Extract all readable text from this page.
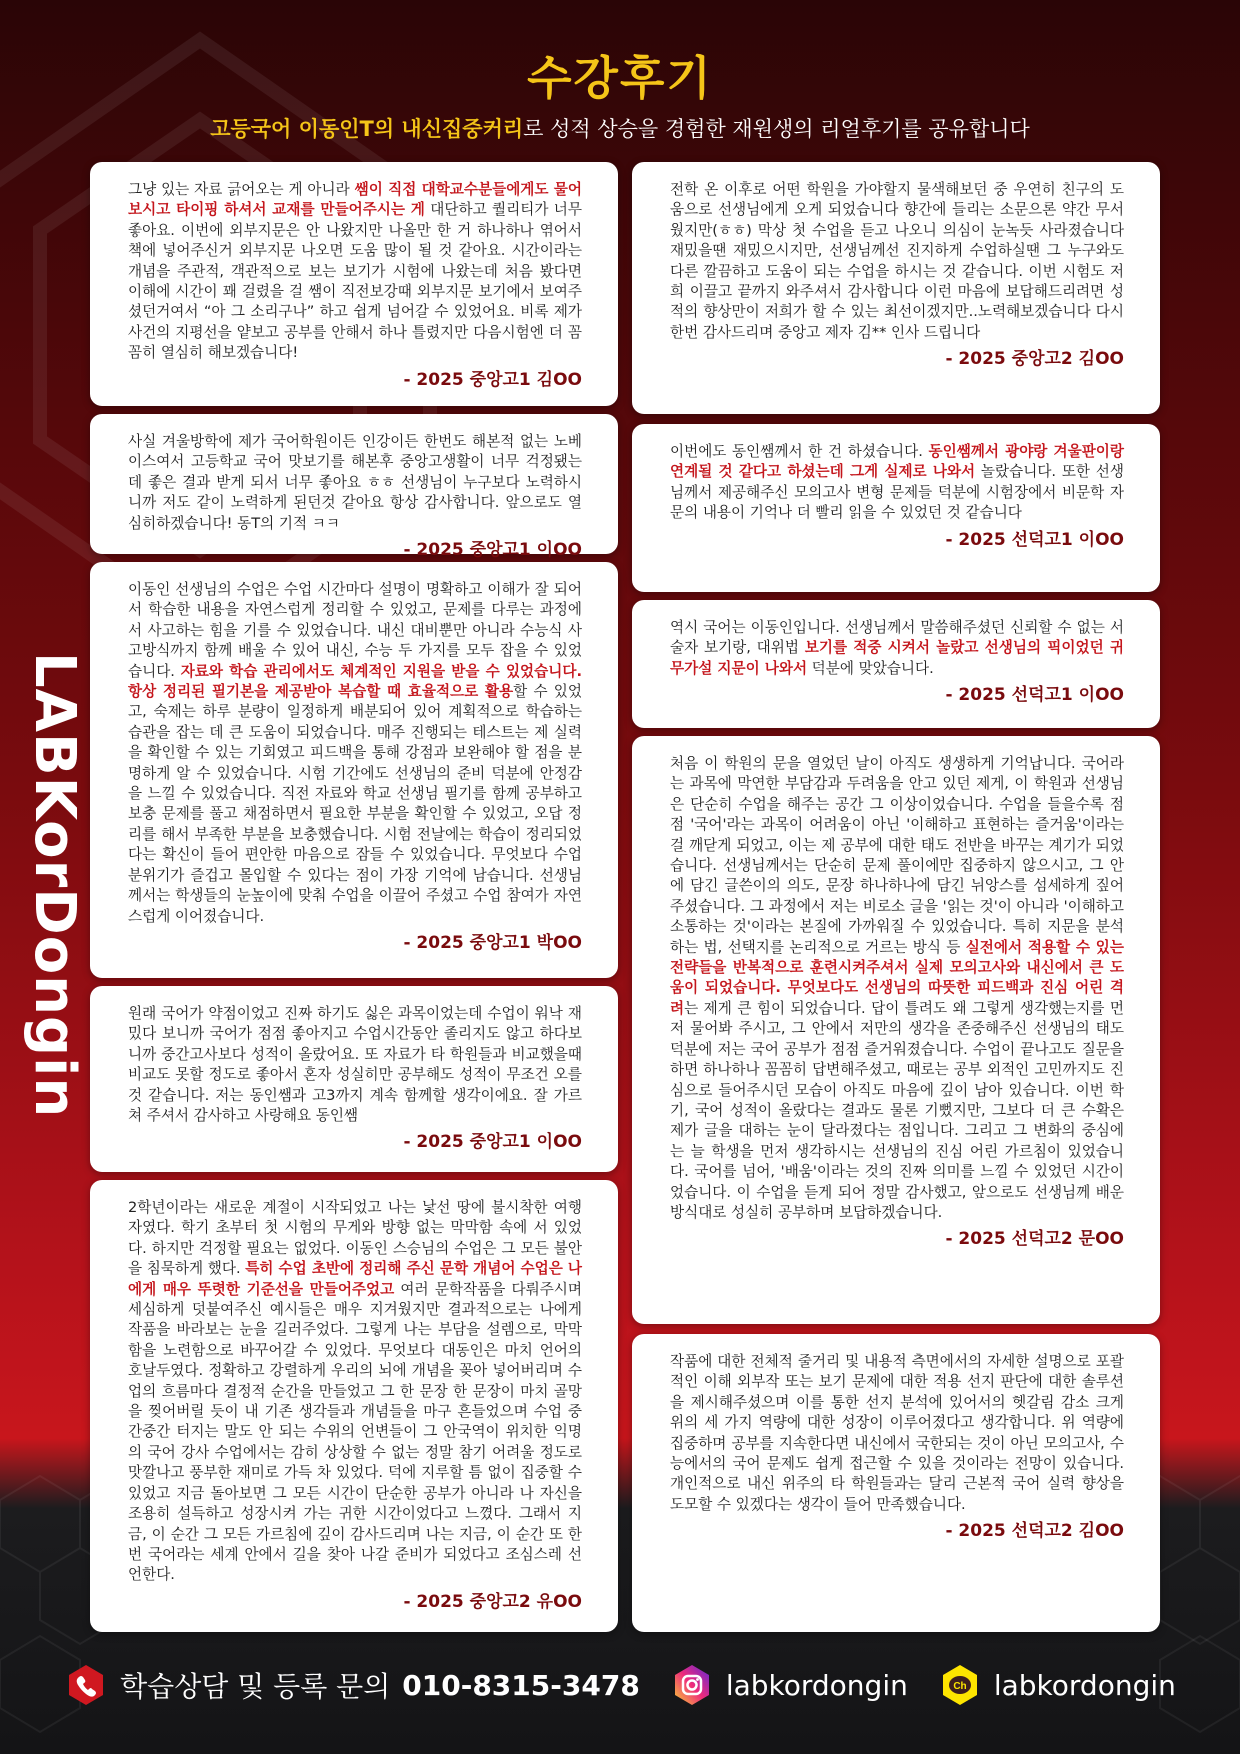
수강후기
고등국어 이동인T의 내신집중커리로 성적 상승을 경험한 재원생의 리얼후기를 공유합니다
LABKorDongin

그냥 있는 자료 긁어오는 게 아니라 쌤이 직접 대학교수분들에게도 물어보시고 타이핑 하셔서 교재를 만들어주시는 게 대단하고 퀄리티가 너무 좋아요. 이번에 외부지문은 안 나왔지만 나올만 한 거 하나하나 엮어서 책에 넣어주신거 외부지문 나오면 도움 많이 될 것 같아요. 시간이라는 개념을 주관적, 객관적으로 보는 보기가 시험에 나왔는데 처음 봤다면 이해에 시간이 꽤 걸렸을 걸 쌤이 직전보강때 외부지문 보기에서 보여주셨던거여서 “아 그 소리구나” 하고 쉽게 넘어갈 수 있었어요. 비록 제가 사건의 지평선을 얕보고 공부를 안해서 하나 틀렸지만 다음시험엔 더 꼼꼼히 열심히 해보겠습니다!

- 2025 중앙고1 김OO

사실 겨울방학에 제가 국어학원이든 인강이든 한번도 해본적 없는 노베이스여서 고등학교 국어 맛보기를 해본후 중앙고생활이 너무 걱정됐는데 좋은 결과 받게 되서 너무 좋아요 ㅎㅎ 선생님이 누구보다 노력하시니까 저도 같이 노력하게 된던것 같아요 항상 감사합니다. 앞으로도 열심히하겠습니다! 동T의 기적 ㅋㅋ

- 2025 중앙고1 이OO

이동인 선생님의 수업은 수업 시간마다 설명이 명확하고 이해가 잘 되어서 학습한 내용을 자연스럽게 정리할 수 있었고, 문제를 다루는 과정에서 사고하는 힘을 기를 수 있었습니다. 내신 대비뿐만 아니라 수능식 사고방식까지 함께 배울 수 있어 내신, 수능 두 가지를 모두 잡을 수 있었습니다. 자료와 학습 관리에서도 체계적인 지원을 받을 수 있었습니다. 항상 정리된 필기본을 제공받아 복습할 때 효율적으로 활용할 수 있었고, 숙제는 하루 분량이 일정하게 배분되어 있어 계획적으로 학습하는 습관을 잡는 데 큰 도움이 되었습니다. 매주 진행되는 테스트는 제 실력을 확인할 수 있는 기회였고 피드백을 통해 강점과 보완해야 할 점을 분명하게 알 수 있었습니다. 시험 기간에도 선생님의 준비 덕분에 안정감을 느낄 수 있었습니다. 직전 자료와 학교 선생님 필기를 함께 공부하고 보충 문제를 풀고 채점하면서 필요한 부분을 확인할 수 있었고, 오답 정리를 해서 부족한 부분을 보충했습니다. 시험 전날에는 학습이 정리되었다는 확신이 들어 편안한 마음으로 잠들 수 있었습니다. 무엇보다 수업 분위기가 즐겁고 몰입할 수 있다는 점이 가장 기억에 남습니다. 선생님께서는 학생들의 눈높이에 맞춰 수업을 이끌어 주셨고 수업 참여가 자연스럽게 이어졌습니다.

- 2025 중앙고1 박OO

원래 국어가 약점이었고 진짜 하기도 싫은 과목이었는데 수업이 워낙 재밌다 보니까 국어가 점점 좋아지고 수업시간동안 졸리지도 않고 하다보니까 중간고사보다 성적이 올랐어요. 또 자료가 타 학원들과 비교했을때 비교도 못할 정도로 좋아서 혼자 성실히만 공부해도 성적이 무조건 오를 것 같습니다. 저는 동인쌤과 고3까지 계속 함께할 생각이에요. 잘 가르쳐 주셔서 감사하고 사랑해요 동인쌤

- 2025 중앙고1 이OO

2학년이라는 새로운 계절이 시작되었고 나는 낯선 땅에 불시착한 여행자였다. 학기 초부터 첫 시험의 무게와 방향 없는 막막함 속에 서 있었다. 하지만 걱정할 필요는 없었다. 이동인 스승님의 수업은 그 모든 불안을 침묵하게 했다. 특히 수업 초반에 정리해 주신 문학 개념어 수업은 나에게 매우 뚜렷한 기준선을 만들어주었고 여러 문학작품을 다뤄주시며 세심하게 덧붙여주신 예시들은 매우 지겨웠지만 결과적으로는 나에게 작품을 바라보는 눈을 길러주었다. 그렇게 나는 부담을 설렘으로, 막막함을 노련함으로 바꾸어갈 수 있었다. 무엇보다 대동인은 마치 언어의 호날두였다. 정확하고 강렬하게 우리의 뇌에 개념을 꽂아 넣어버리며 수업의 흐름마다 결정적 순간을 만들었고 그 한 문장 한 문장이 마치 골망을 찢어버릴 듯이 내 기존 생각들과 개념들을 마구 흔들었으며 수업 중간중간 터지는 말도 안 되는 수위의 언변들이 그 안국역이 위치한 익명의 국어 강사 수업에서는 감히 상상할 수 없는 정말 참기 어려울 정도로 맛깔나고 풍부한 재미로 가득 차 있었다. 덕에 지루할 틈 없이 집중할 수 있었고 지금 돌아보면 그 모든 시간이 단순한 공부가 아니라 나 자신을 조용히 설득하고 성장시켜 가는 귀한 시간이었다고 느꼈다. 그래서 지금, 이 순간 그 모든 가르침에 깊이 감사드리며 나는 지금, 이 순간 또 한 번 국어라는 세계 안에서 길을 찾아 나갈 준비가 되었다고 조심스레 선언한다.

- 2025 중앙고2 유OO

전학 온 이후로 어떤 학원을 가야할지 물색해보던 중 우연히 친구의 도움으로 선생님에게 오게 되었습니다 향간에 들리는 소문으론 약간 무서웠지만(ㅎㅎ) 막상 첫 수업을 듣고 나오니 의심이 눈녹듯 사라졌습니다 재밌을땐 재밌으시지만, 선생님께선 진지하게 수업하실땐 그 누구와도 다른 깔끔하고 도움이 되는 수업을 하시는 것 같습니다. 이번 시험도 저희 이끌고 끝까지 와주셔서 감사합니다 이런 마음에 보답해드리려면 성적의 향상만이 저희가 할 수 있는 최선이겠지만..노력해보겠습니다 다시 한번 감사드리며 중앙고 제자 김** 인사 드립니다

- 2025 중앙고2 김OO

이번에도 동인쌤께서 한 건 하셨습니다. 동인쌤께서 광야랑 겨울판이랑 연계될 것 같다고 하셨는데 그게 실제로 나와서 놀랐습니다. 또한 선생님께서 제공해주신 모의고사 변형 문제들 덕분에 시험장에서 비문학 자문의 내용이 기억나 더 빨리 읽을 수 있었던 것 같습니다

- 2025 선덕고1 이OO

역시 국어는 이동인입니다. 선생님께서 말씀해주셨던 신뢰할 수 없는 서술자 보기랑, 대위법 보기를 적중 시켜서 놀랐고 선생님의 픽이었던 귀무가설 지문이 나와서 덕분에 맞았습니다.

- 2025 선덕고1 이OO

처음 이 학원의 문을 열었던 날이 아직도 생생하게 기억납니다. 국어라는 과목에 막연한 부담감과 두려움을 안고 있던 제게, 이 학원과 선생님은 단순히 수업을 해주는 공간 그 이상이었습니다. 수업을 들을수록 점점 '국어'라는 과목이 어려움이 아닌 '이해하고 표현하는 즐거움'이라는 걸 깨닫게 되었고, 이는 제 공부에 대한 태도 전반을 바꾸는 계기가 되었습니다. 선생님께서는 단순히 문제 풀이에만 집중하지 않으시고, 그 안에 담긴 글쓴이의 의도, 문장 하나하나에 담긴 뉘앙스를 섬세하게 짚어주셨습니다. 그 과정에서 저는 비로소 글을 '읽는 것'이 아니라 '이해하고 소통하는 것'이라는 본질에 가까워질 수 있었습니다. 특히 지문을 분석하는 법, 선택지를 논리적으로 거르는 방식 등 실전에서 적용할 수 있는 전략들을 반복적으로 훈련시켜주셔서 실제 모의고사와 내신에서 큰 도움이 되었습니다. 무엇보다도 선생님의 따뜻한 피드백과 진심 어린 격려는 제게 큰 힘이 되었습니다. 답이 틀려도 왜 그렇게 생각했는지를 먼저 물어봐 주시고, 그 안에서 저만의 생각을 존중해주신 선생님의 태도 덕분에 저는 국어 공부가 점점 즐거워졌습니다. 수업이 끝나고도 질문을 하면 하나하나 꼼꼼히 답변해주셨고, 때로는 공부 외적인 고민까지도 진심으로 들어주시던 모습이 아직도 마음에 깊이 남아 있습니다. 이번 학기, 국어 성적이 올랐다는 결과도 물론 기뻤지만, 그보다 더 큰 수확은 제가 글을 대하는 눈이 달라졌다는 점입니다. 그리고 그 변화의 중심에는 늘 학생을 먼저 생각하시는 선생님의 진심 어린 가르침이 있었습니다. 국어를 넘어, '배움'이라는 것의 진짜 의미를 느낄 수 있었던 시간이었습니다. 이 수업을 듣게 되어 정말 감사했고, 앞으로도 선생님께 배운 방식대로 성실히 공부하며 보답하겠습니다.

- 2025 선덕고2 문OO

작품에 대한 전체적 줄거리 및 내용적 측면에서의 자세한 설명으로 포괄적인 이해 외부작 또는 보기 문제에 대한 적용 선지 판단에 대한 솔루션을 제시해주셨으며 이를 통한 선지 분석에 있어서의 헷갈림 감소 크게 위의 세 가지 역량에 대한 성장이 이루어졌다고 생각합니다. 위 역량에 집중하며 공부를 지속한다면 내신에서 국한되는 것이 아닌 모의고사, 수능에서의 국어 문제도 쉽게 접근할 수 있을 것이라는 전망이 있습니다. 개인적으로 내신 위주의 타 학원들과는 달리 근본적 국어 실력 향상을 도모할 수 있겠다는 생각이 들어 만족했습니다.

- 2025 선덕고2 김OO
학습상담 및 등록 문의 010-8315-3478	labkordongin	Ch labkordongin
